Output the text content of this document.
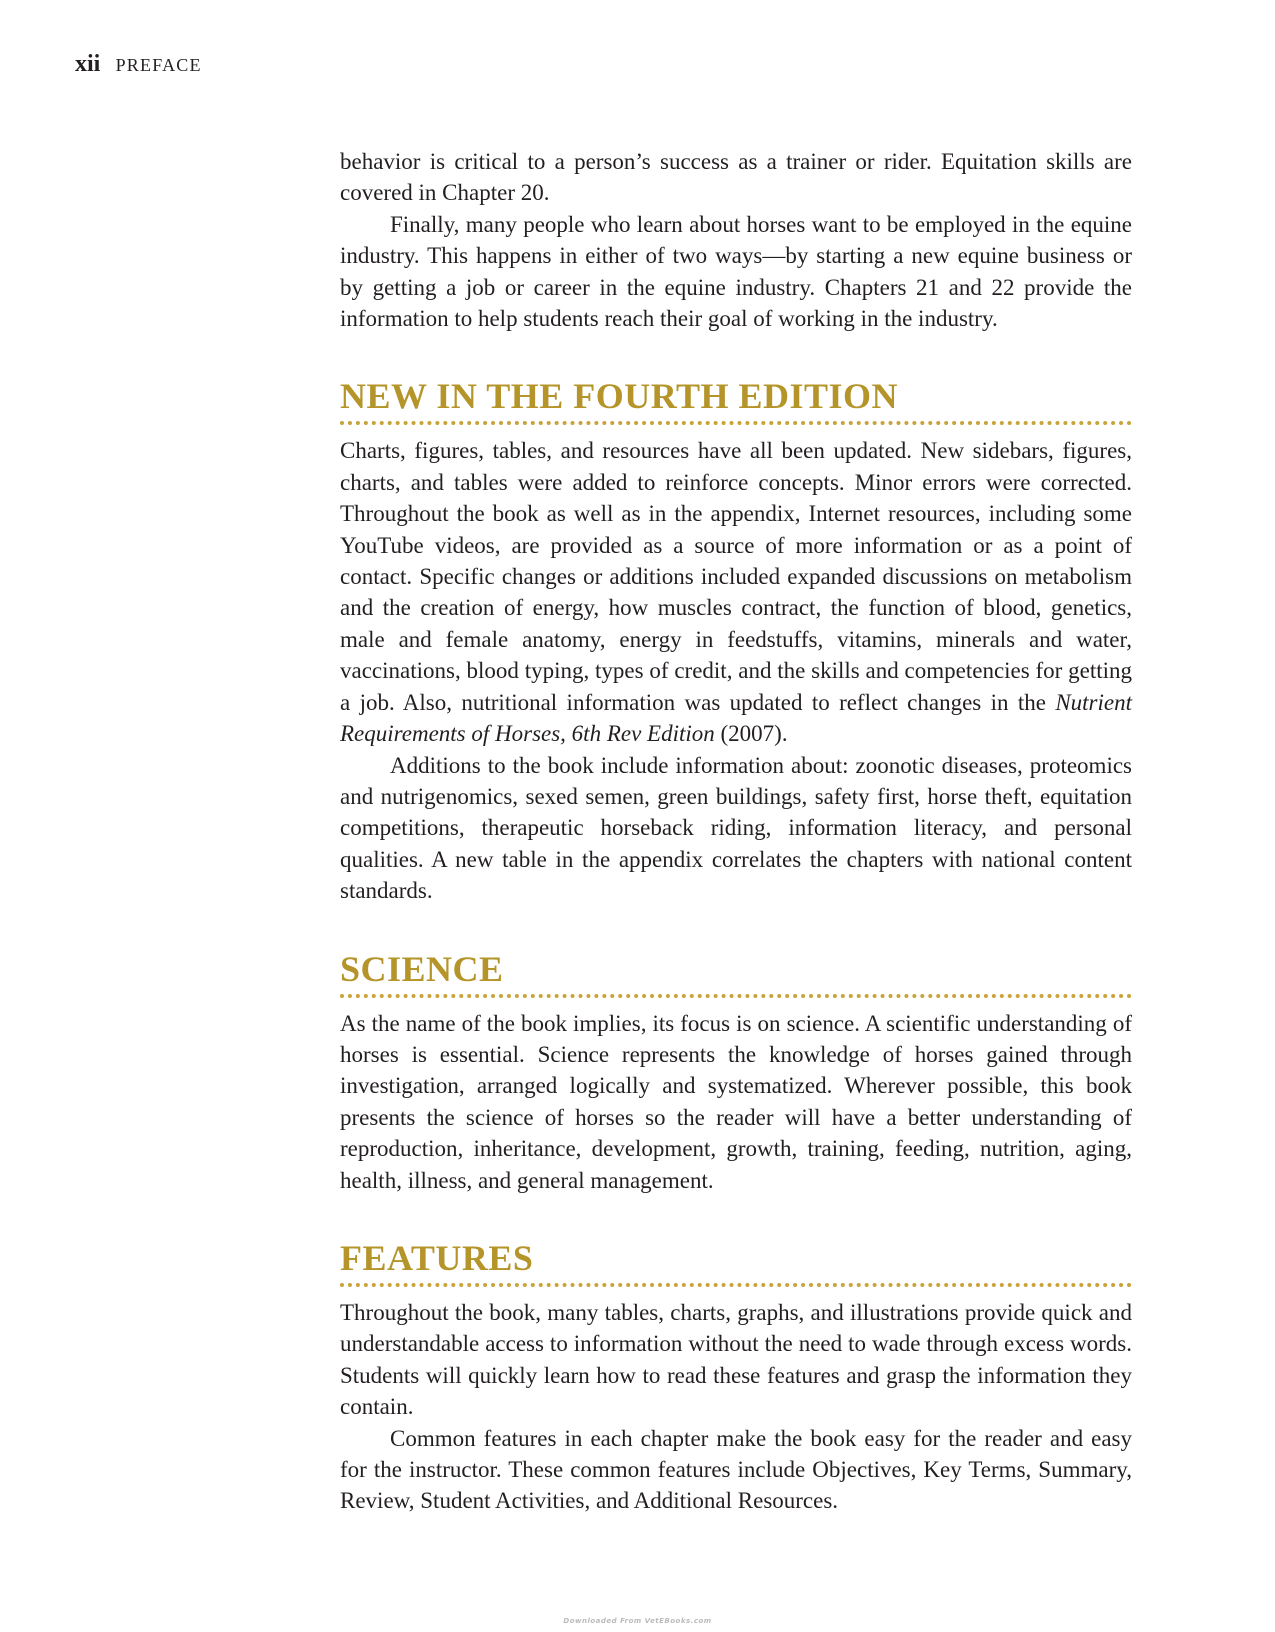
xii PREFACE

behavior is critical to a person’s success as a trainer or rider. Equitation skills are covered in Chapter 20.

Finally, many people who learn about horses want to be employed in the equine industry. This happens in either of two ways—by starting a new equine business or by getting a job or career in the equine industry. Chapters 21 and 22 provide the information to help students reach their goal of working in the industry.

NEW IN THE FOURTH EDITION

Charts, figures, tables, and resources have all been updated. New sidebars, figures, charts, and tables were added to reinforce concepts. Minor errors were corrected. Throughout the book as well as in the appendix, Internet resources, including some YouTube videos, are provided as a source of more information or as a point of contact. Specific changes or additions included expanded discussions on metabolism and the creation of energy, how muscles contract, the function of blood, genetics, male and female anatomy, energy in feedstuffs, vitamins, minerals and water, vaccinations, blood typing, types of credit, and the skills and competencies for getting a job. Also, nutritional information was updated to reflect changes in the Nutrient Requirements of Horses, 6th Rev Edition (2007).

Additions to the book include information about: zoonotic diseases, proteomics and nutrigenomics, sexed semen, green buildings, safety first, horse theft, equitation competitions, therapeutic horseback riding, information literacy, and personal qualities. A new table in the appendix correlates the chapters with national content standards.

SCIENCE

As the name of the book implies, its focus is on science. A scientific understanding of horses is essential. Science represents the knowledge of horses gained through investigation, arranged logically and systematized. Wherever possible, this book presents the science of horses so the reader will have a better understanding of reproduction, inheritance, development, growth, training, feeding, nutrition, aging, health, illness, and general management.

FEATURES

Throughout the book, many tables, charts, graphs, and illustrations provide quick and understandable access to information without the need to wade through excess words. Students will quickly learn how to read these features and grasp the information they contain.

Common features in each chapter make the book easy for the reader and easy for the instructor. These common features include Objectives, Key Terms, Summary, Review, Student Activities, and Additional Resources.

Downloaded From VetEBooks.com
